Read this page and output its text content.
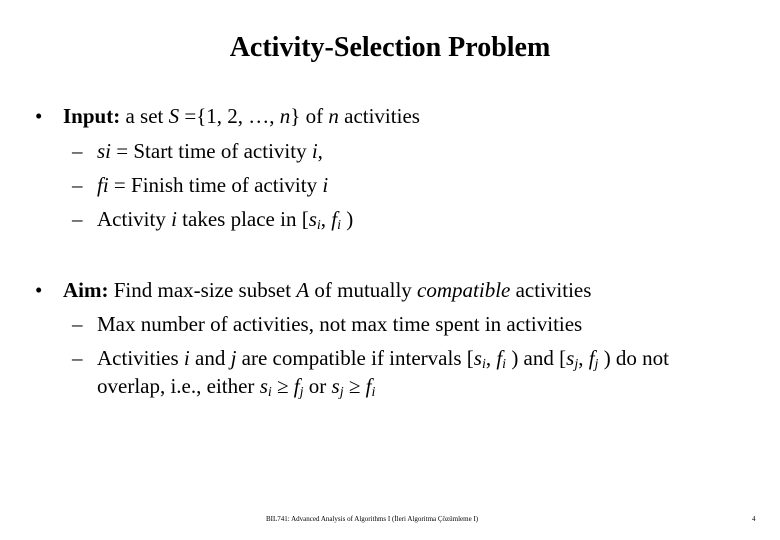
Activity-Selection Problem
• Input: a set S ={1, 2, …, n} of n activities
– si = Start time of activity i,
– fi = Finish time of activity i
– Activity i takes place in [$s_i$, $f_i$ )
• Aim: Find max-size subset A of mutually compatible activities
– Max number of activities, not max time spent in activities
– Activities i and j are compatible if intervals [$s_i$, $f_i$ ) and [$s_j$, $f_j$ ) do not
overlap, i.e., either $s_i \ge f_j$ or $s_j \ge f_i$
BIL741: Advanced Analysis of Algorithms I (İleri Algoritma Çözümleme I)	4
